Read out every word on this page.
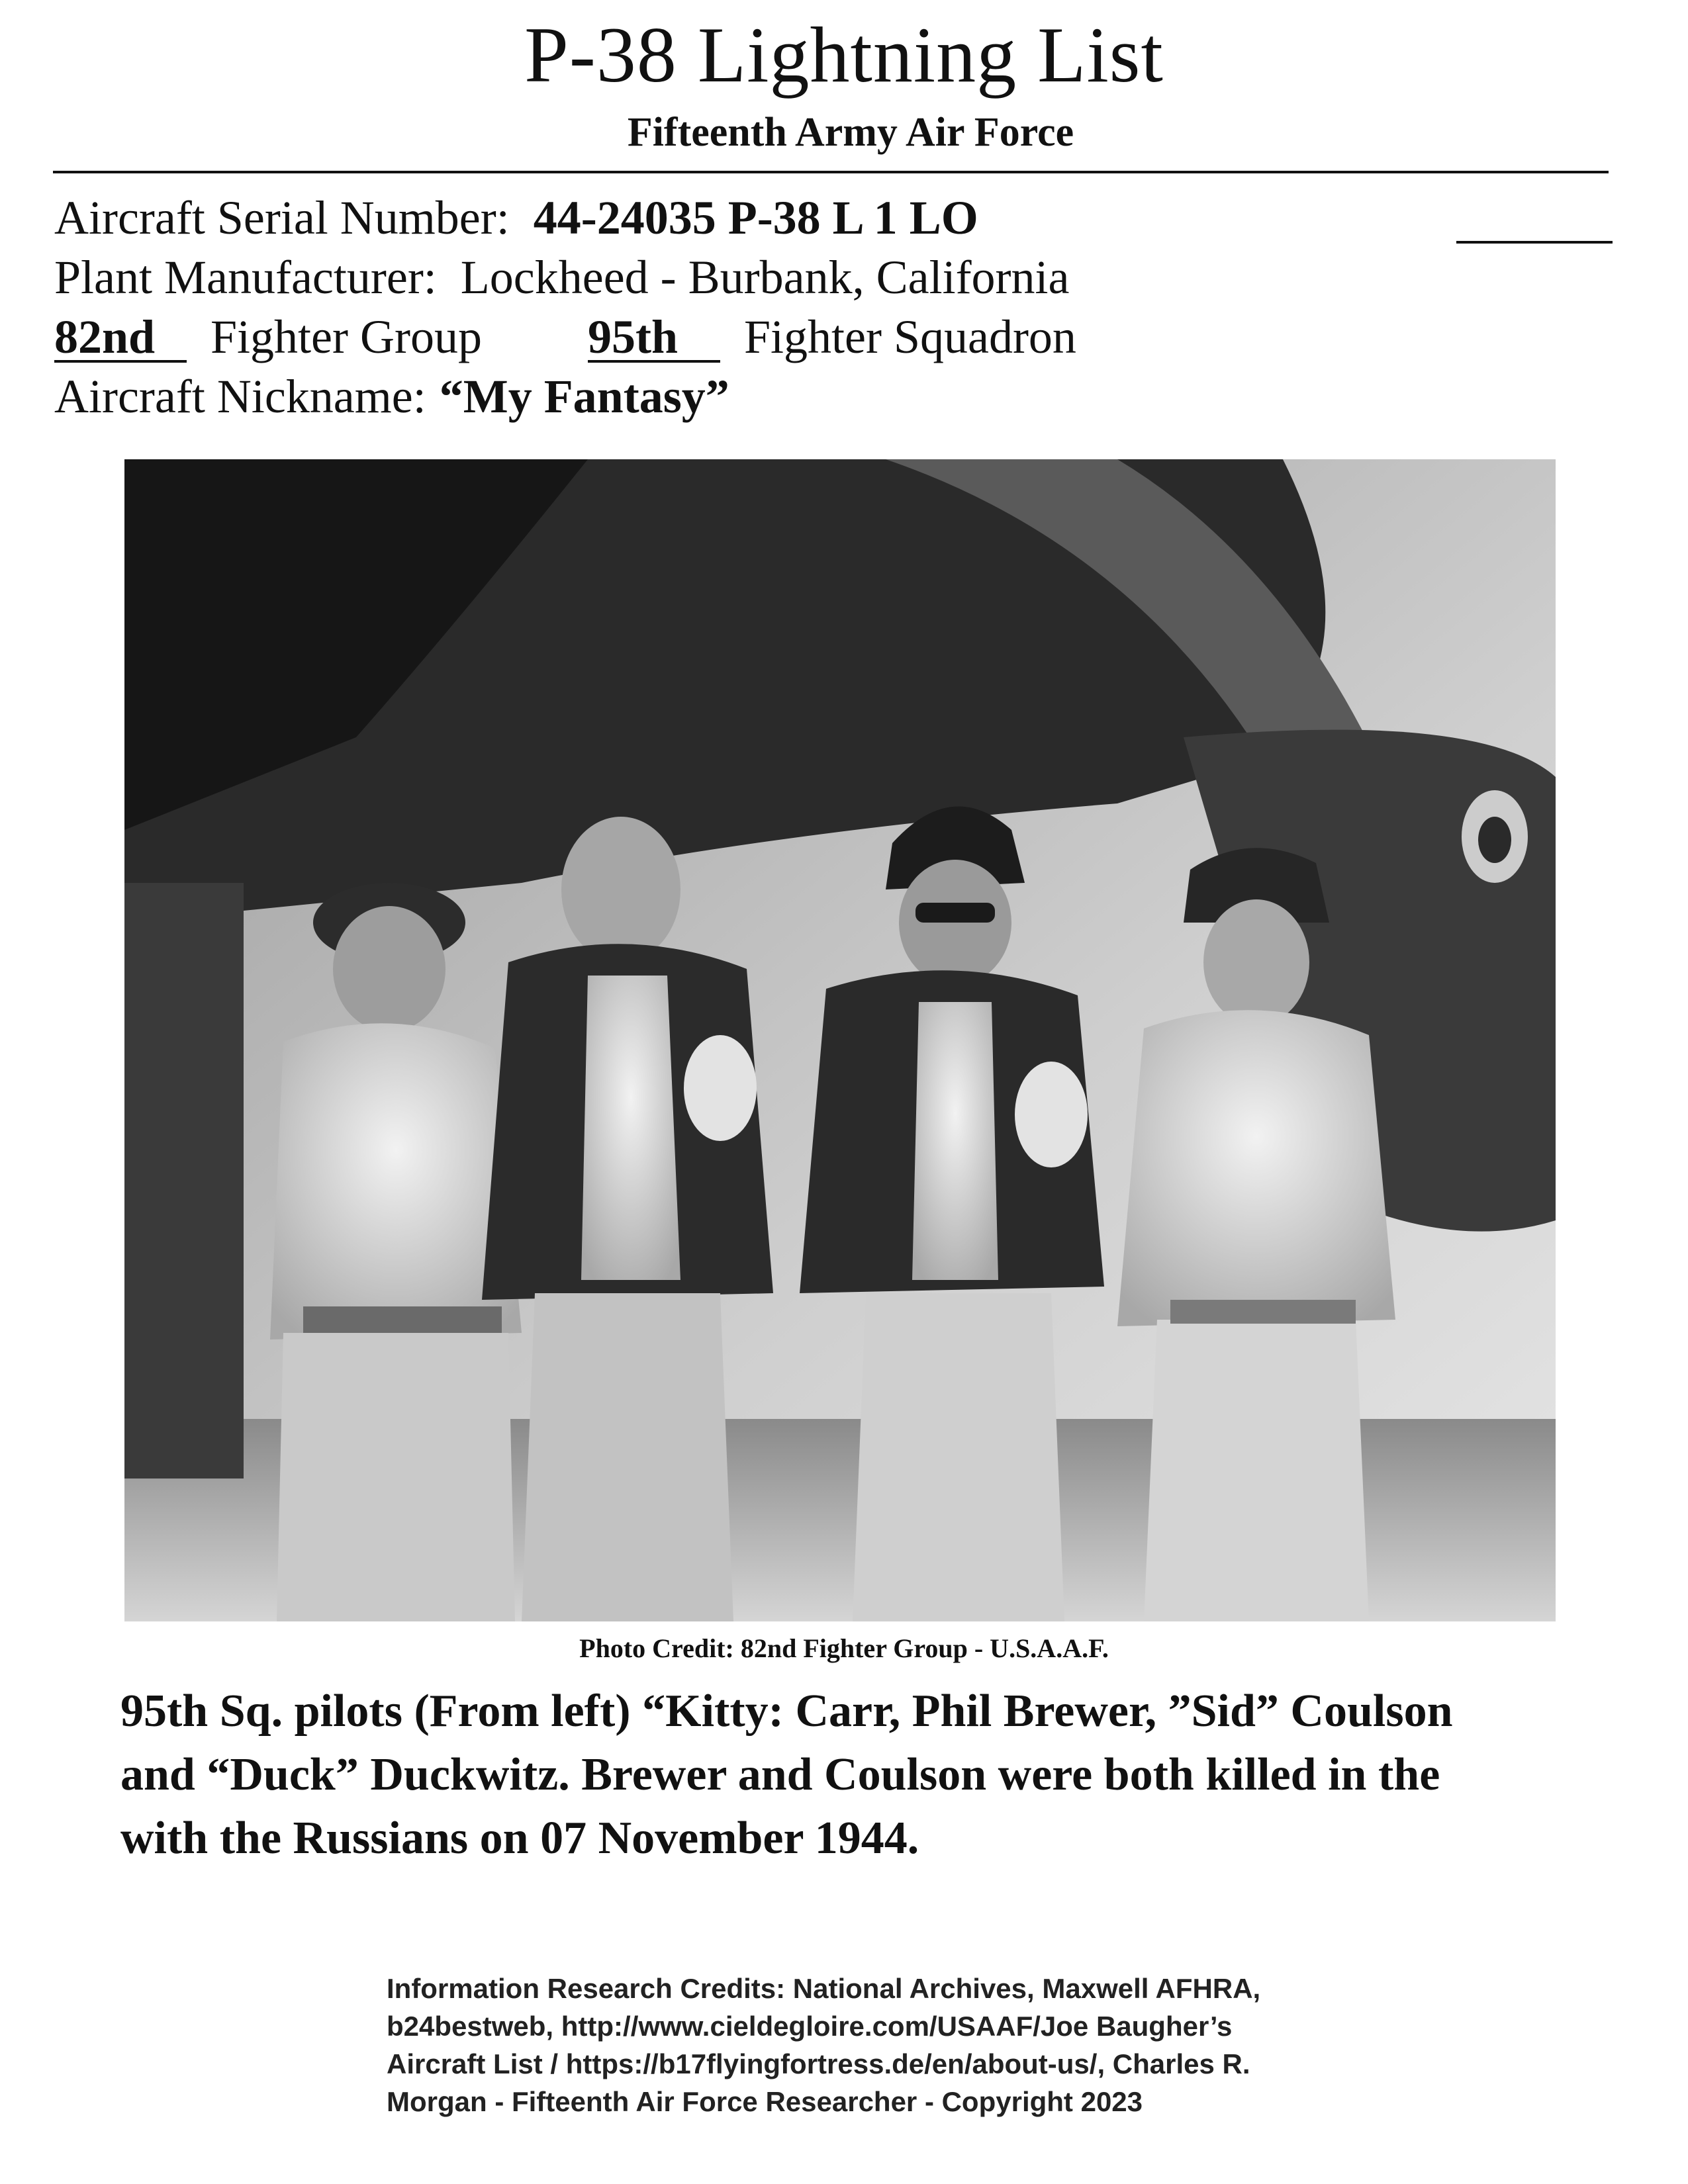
P-38 Lightning List
Fifteenth Army Air Force
Aircraft Serial Number: 44-24035 P-38 L 1 LO
Plant Manufacturer: Lockheed - Burbank, California
82nd Fighter Group 95th Fighter Squadron
Aircraft Nickname: “My Fantasy”
Photo Credit: 82nd Fighter Group - U.S.A.A.F.
95th Sq. pilots (From left) “Kitty: Carr, Phil Brewer, ”Sid” Coulson
and “Duck” Duckwitz. Brewer and Coulson were both killed in the
with the Russians on 07 November 1944.
Information Research Credits: National Archives, Maxwell AFHRA,
b24bestweb, http://www.cieldegloire.com/USAAF/Joe Baugher’s
Aircraft List / https://b17flyingfortress.de/en/about-us/, Charles R.
Morgan - Fifteenth Air Force Researcher - Copyright 2023
